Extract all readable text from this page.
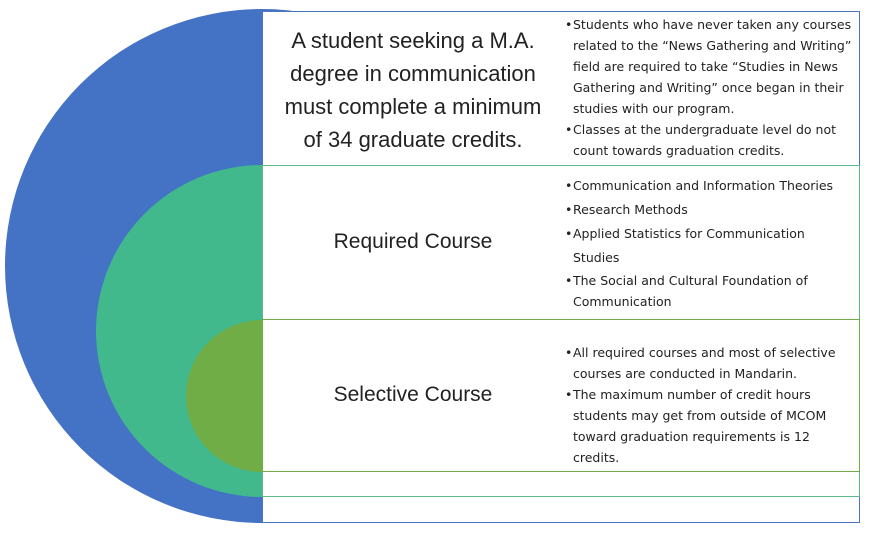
A student seeking a M.A. degree in communication must complete a minimum of 34 graduate credits.
• Students who have never taken any courses related to the “News Gathering and Writing” field are required to take “Studies in News Gathering and Writing” once began in their studies with our program.
• Classes at the undergraduate level do not count towards graduation credits.
Required Course
• Communication and Information Theories
• Research Methods
• Applied Statistics for Communication Studies
• The Social and Cultural Foundation of Communication
•
Selective Course
• All required courses and most of selective courses are conducted in Mandarin.
• The maximum number of credit hours students may get from outside of MCOM toward graduation requirements is 12 credits.
